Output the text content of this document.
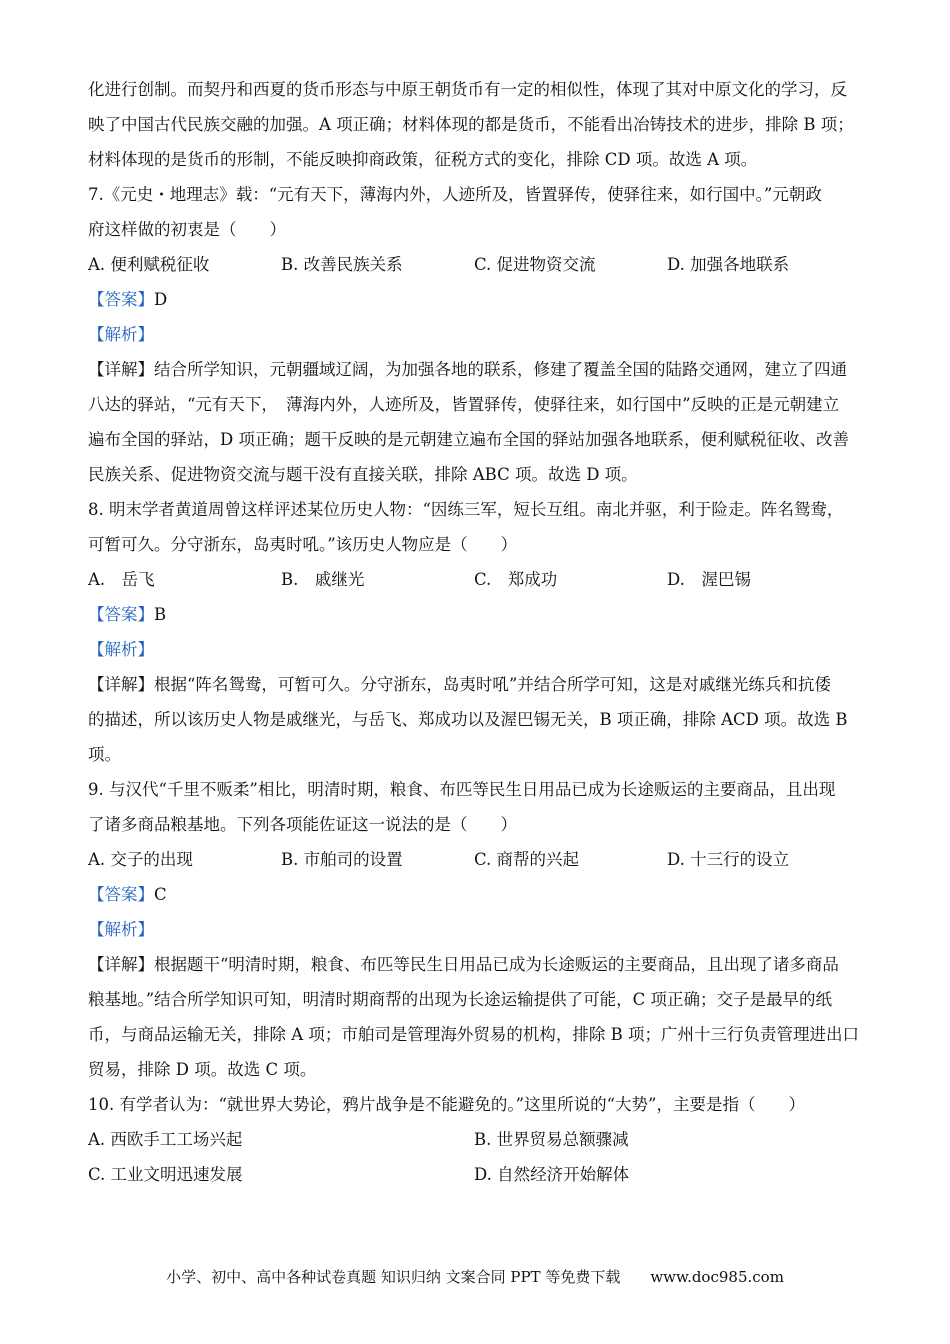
化进行创制。而契丹和西夏的货币形态与中原王朝货币有一定的相似性，体现了其对中原文化的学习，反

映了中国古代民族交融的加强。A 项正确；材料体现的都是货币，不能看出冶铸技术的进步，排除 B 项；

材料体现的是货币的形制，不能反映抑商政策，征税方式的变化，排除 CD 项。故选 A 项。

7.《元史・地理志》载：“元有天下，薄海内外，人迹所及，皆置驿传，使驿往来，如行国中。”元朝政

府这样做的初衷是（　　）

A. 便利赋税征收	B. 改善民族关系	C. 促进物资交流	D. 加强各地联系
【答案】D
【解析】

【详解】结合所学知识，元朝疆域辽阔，为加强各地的联系，修建了覆盖全国的陆路交通网，建立了四通

八达的驿站，“元有天下，　薄海内外，人迹所及，皆置驿传，使驿往来，如行国中”反映的正是元朝建立

遍布全国的驿站，D 项正确；题干反映的是元朝建立遍布全国的驿站加强各地联系，便利赋税征收、改善

民族关系、促进物资交流与题干没有直接关联，排除 ABC 项。故选 D 项。

8. 明末学者黄道周曾这样评述某位历史人物：“因练三军，短长互组。南北并驱，利于险走。阵名鸳鸯，

可暂可久。分守浙东，岛夷时吼。”该历史人物应是（　　）

A.　岳飞	B.　戚继光	C.　郑成功	D.　渥巴锡
【答案】B
【解析】

【详解】根据“阵名鸳鸯，可暂可久。分守浙东，岛夷时吼”并结合所学可知，这是对戚继光练兵和抗倭

的描述，所以该历史人物是戚继光，与岳飞、郑成功以及渥巴锡无关，B 项正确，排除 ACD 项。故选 B

项。

9. 与汉代“千里不贩柔”相比，明清时期，粮食、布匹等民生日用品已成为长途贩运的主要商品，且出现

了诸多商品粮基地。下列各项能佐证这一说法的是（　　）

A. 交子的出现	B. 市舶司的设置	C. 商帮的兴起	D. 十三行的设立
【答案】C
【解析】

【详解】根据题干“明清时期，粮食、布匹等民生日用品已成为长途贩运的主要商品，且出现了诸多商品

粮基地。”结合所学知识可知，明清时期商帮的出现为长途运输提供了可能，C 项正确；交子是最早的纸

币，与商品运输无关，排除 A 项；市舶司是管理海外贸易的机构，排除 B 项；广州十三行负责管理进出口

贸易，排除 D 项。故选 C 项。

10. 有学者认为：“就世界大势论，鸦片战争是不能避免的。”这里所说的“大势”，主要是指（　　）

A. 西欧手工工场兴起	B. 世界贸易总额骤减
C. 工业文明迅速发展	D. 自然经济开始解体
小学、初中、高中各种试卷真题 知识归纳 文案合同 PPT 等免费下载　　www.doc985.com
